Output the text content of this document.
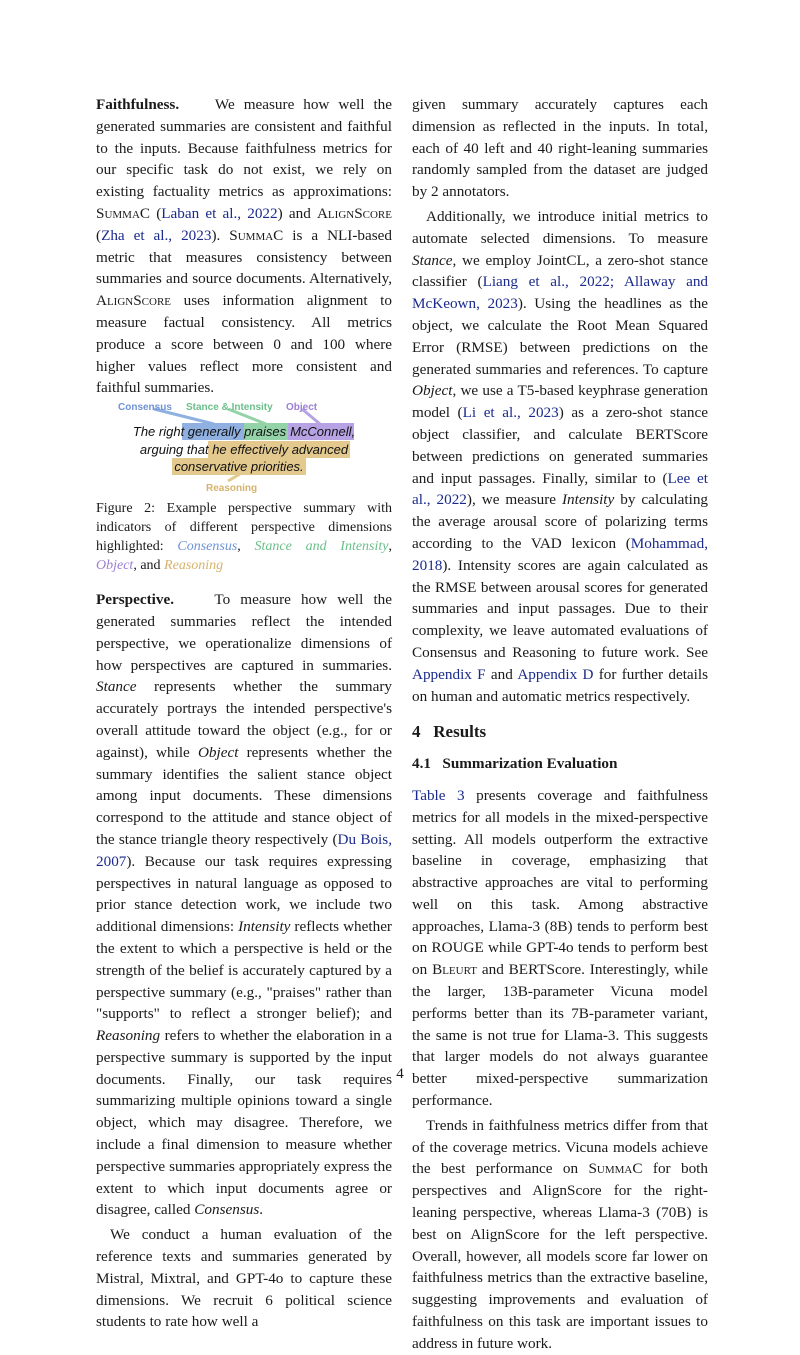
Faithfulness. We measure how well the generated summaries are consistent and faithful to the inputs. Because faithfulness metrics for our specific task do not exist, we rely on existing factuality metrics as approximations: SummaC (Laban et al., 2022) and AlignScore (Zha et al., 2023). SummaC is a NLI-based metric that measures consistency between summaries and source documents. Alternatively, AlignScore uses information alignment to measure factual consistency. All metrics produce a score between 0 and 100 where higher values reflect more consistent and faithful summaries.

Consensus Stance & Intensity Object
Reasoning
The right generally praises McConnell,
arguing that he effectively advanced
conservative priorities.

Figure 2: Example perspective summary with indicators of different perspective dimensions highlighted: Consensus, Stance and Intensity, Object, and Reasoning

Perspective.	To measure how well the generated summaries reflect the intended perspective, we operationalize dimensions of how perspectives are captured in summaries. Stance represents whether the summary accurately portrays the intended perspective's overall attitude toward the object (e.g., for or against), while Object represents whether the summary identifies the salient stance object among input documents. These dimensions correspond to the attitude and stance object of the stance triangle theory respectively (Du Bois, 2007). Because our task requires expressing perspectives in natural language as opposed to prior stance detection work, we include two additional dimensions: Intensity reflects whether the extent to which a perspective is held or the strength of the belief is accurately captured by a perspective summary (e.g., "praises" rather than "supports" to reflect a stronger belief); and Reasoning refers to whether the elaboration in a perspective summary is supported by the input documents. Finally, our task requires summarizing multiple opinions toward a single object, which may disagree. Therefore, we include a final dimension to measure whether perspective summaries appropriately express the extent to which input documents agree or disagree, called Consensus.

We conduct a human evaluation of the reference texts and summaries generated by Mistral, Mixtral, and GPT-4o to capture these dimensions. We recruit 6 political science students to rate how well a

given summary accurately captures each dimension as reflected in the inputs. In total, each of 40 left and 40 right-leaning summaries randomly sampled from the dataset are judged by 2 annotators.

Additionally, we introduce initial metrics to automate selected dimensions. To measure Stance, we employ JointCL, a zero-shot stance classifier (Liang et al., 2022; Allaway and McKeown, 2023). Using the headlines as the object, we calculate the Root Mean Squared Error (RMSE) between predictions on the generated summaries and references. To capture Object, we use a T5-based keyphrase generation model (Li et al., 2023) as a zero-shot stance object classifier, and calculate BERTScore between predictions on generated summaries and input passages. Finally, similar to (Lee et al., 2022), we measure Intensity by calculating the average arousal score of polarizing terms according to the VAD lexicon (Mohammad, 2018). Intensity scores are again calculated as the RMSE between arousal scores for generated summaries and input passages. Due to their complexity, we leave automated evaluations of Consensus and Reasoning to future work. See Appendix F and Appendix D for further details on human and automatic metrics respectively.

4   Results
4.1   Summarization Evaluation

Table 3 presents coverage and faithfulness metrics for all models in the mixed-perspective setting. All models outperform the extractive baseline in coverage, emphasizing that abstractive approaches are vital to performing well on this task. Among abstractive approaches, Llama-3 (8B) tends to perform best on ROUGE while GPT-4o tends to perform best on Bleurt and BERTScore. Interestingly, while the larger, 13B-parameter Vicuna model performs better than its 7B-parameter variant, the same is not true for Llama-3. This suggests that larger models do not always guarantee better mixed-perspective summarization performance.

Trends in faithfulness metrics differ from that of the coverage metrics. Vicuna models achieve the best performance on SummaC for both perspectives and AlignScore for the right-leaning perspective, whereas Llama-3 (70B) is best on AlignScore for the left perspective. Overall, however, all models score far lower on faithfulness metrics than the extractive baseline, suggesting improvements and evaluation of faithfulness on this task are important issues to address in future work.

4
